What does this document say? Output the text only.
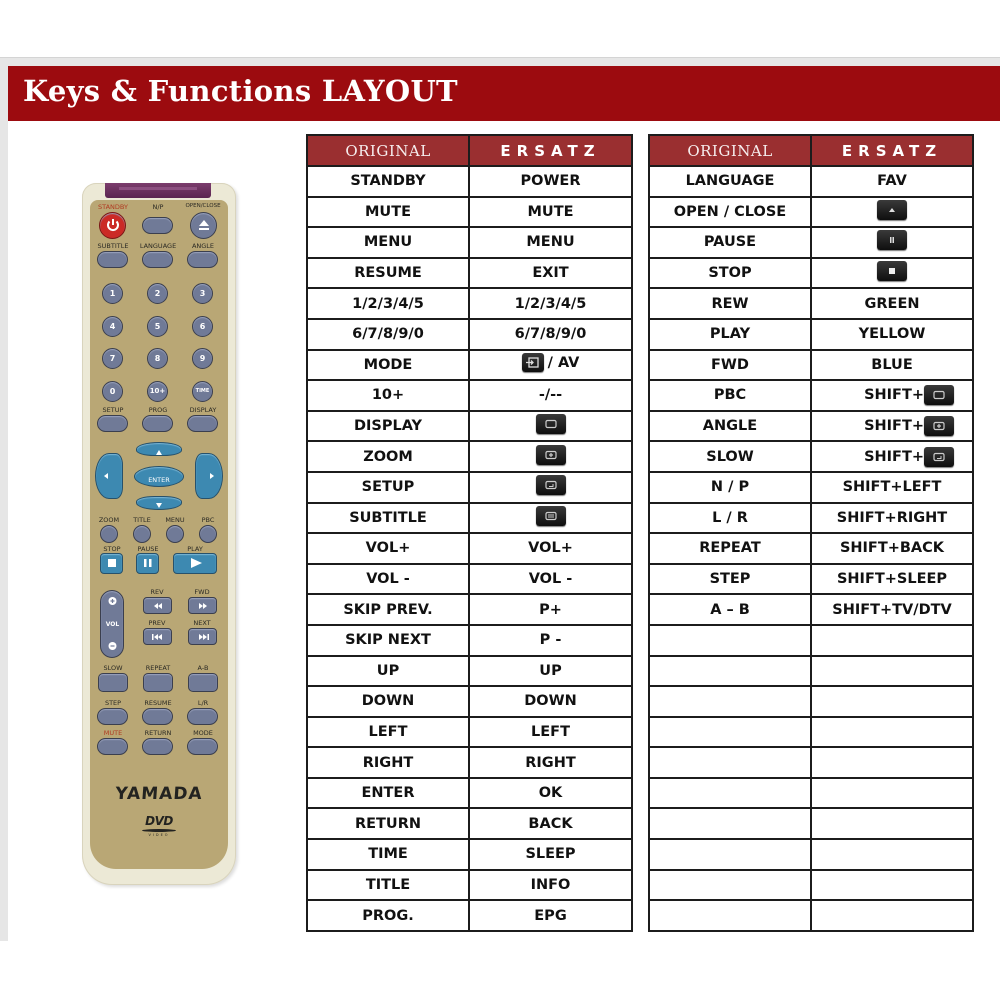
Keys & Functions LAYOUT
STANDBY	N/P	OPEN/CLOSE
SUBTITLE LANGUAGE ANGLE
1	2	3
4	5	6
7	8	9
0	10+	TIME
SETUP	PROG	DISPLAY
ENTER
ZOOM TITLE MENU	PBC
STOP	PAUSE	PLAY
VOL
REV	FWD
PREV	NEXT
SLOW	REPEAT	A-B
STEP	RESUME	L/R
MUTE	RETURN	MODE
YAMADA
DVD
VIDEO
ORIGINAL	ERSATZ
STANDBY	POWER
MUTE	MUTE
MENU	MENU
RESUME	EXIT
1/2/3/4/5	1/2/3/4/5
6/7/8/9/0	6/7/8/9/0
MODE	/ AV

10+	-/--
DISPLAY	

ZOOM	

SETUP	

SUBTITLE	

VOL+	VOL+
VOL -	VOL -
SKIP PREV.	P+
SKIP NEXT	P -
UP	UP
DOWN	DOWN
LEFT	LEFT
RIGHT	RIGHT
ENTER	OK
RETURN	BACK
TIME	SLEEP
TITLE	INFO
PROG.	EPG
ORIGINAL	ERSATZ
LANGUAGE	FAV
OPEN / CLOSE	

PAUSE	

STOP	

REW	GREEN
PLAY	YELLOW
FWD	BLUE
PBC	SHIFT+

ANGLE	SHIFT+

SLOW	SHIFT+

N / P	SHIFT+LEFT
L / R	SHIFT+RIGHT
REPEAT	SHIFT+BACK
STEP	SHIFT+SLEEP
A – B	SHIFT+TV/DTV
